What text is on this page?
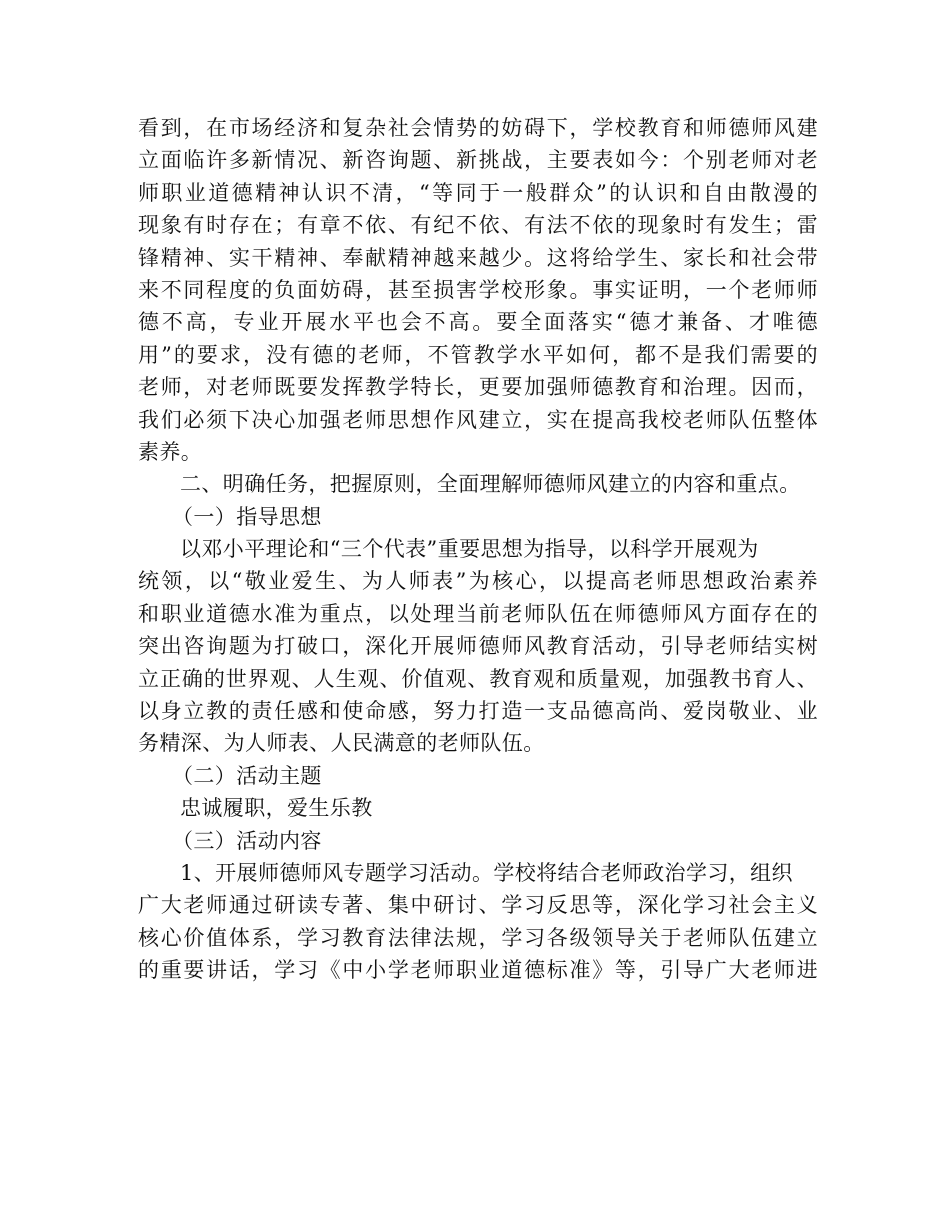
看到，在市场经济和复杂社会情势的妨碍下，学校教育和师德师风建
立面临许多新情况、新咨询题、新挑战，主要表如今：个别老师对老
师职业道德精神认识不清，“等同于一般群众”的认识和自由散漫的
现象有时存在；有章不依、有纪不依、有法不依的现象时有发生；雷
锋精神、实干精神、奉献精神越来越少。这将给学生、家长和社会带
来不同程度的负面妨碍，甚至损害学校形象。事实证明，一个老师师
德不高，专业开展水平也会不高。要全面落实“德才兼备、才唯德
用”的要求，没有德的老师，不管教学水平如何，都不是我们需要的
老师，对老师既要发挥教学特长，更要加强师德教育和治理。因而，
我们必须下决心加强老师思想作风建立，实在提高我校老师队伍整体
素养。
二、明确任务，把握原则，全面理解师德师风建立的内容和重点。
（一）指导思想
以邓小平理论和“三个代表”重要思想为指导，以科学开展观为
统领，以“敬业爱生、为人师表”为核心，以提高老师思想政治素养
和职业道德水准为重点，以处理当前老师队伍在师德师风方面存在的
突出咨询题为打破口，深化开展师德师风教育活动，引导老师结实树
立正确的世界观、人生观、价值观、教育观和质量观，加强教书育人、
以身立教的责任感和使命感，努力打造一支品德高尚、爱岗敬业、业
务精深、为人师表、人民满意的老师队伍。
（二）活动主题
忠诚履职，爱生乐教
（三）活动内容
1、开展师德师风专题学习活动。学校将结合老师政治学习，组织
广大老师通过研读专著、集中研讨、学习反思等，深化学习社会主义
核心价值体系，学习教育法律法规，学习各级领导关于老师队伍建立
的重要讲话，学习《中小学老师职业道德标准》等，引导广大老师进
